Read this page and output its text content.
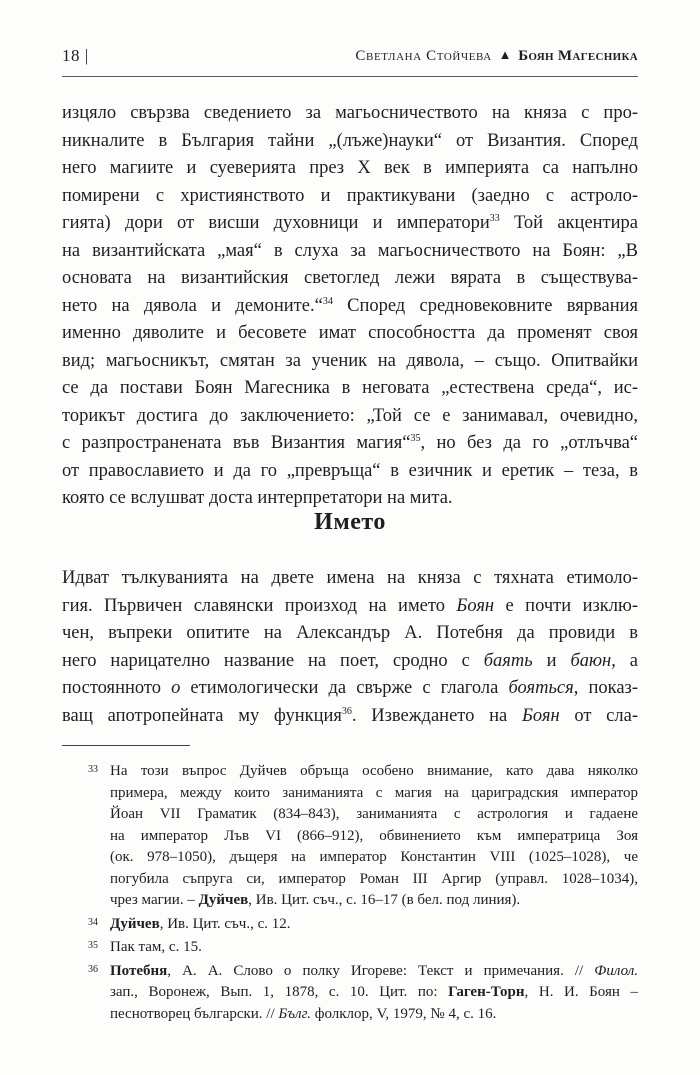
18 |	Светлана Стойчева ▲ Боян Магесника
изцяло свързва сведението за магьосничеството на княза с про-
никналите в България тайни „(лъже)науки“ от Византия. Според
него магиите и суеверията през Х век в империята са напълно
помирени с християнството и практикувани (заедно с астроло-
гията) дори от висши духовници и императори$^{33}$ Той акцентира
на византийската „мая“ в слуха за магьосничеството на Боян: „В
основата на византийския светоглед лежи вярата в съществува-
нето на дявола и демоните.“$^{34}$ Според средновековните вярвания
именно дяволите и бесовете имат способността да променят своя
вид; магьосникът, смятан за ученик на дявола, – също. Опитвайки
се да постави Боян Магесника в неговата „естествена среда“, ис-
торикът достига до заключението: „Той се е занимавал, очевидно,
с разпространената във Византия магия“$^{35}$, но без да го „отлъчва“
от православието и да го „превръща“ в езичник и еретик – теза, в
която се вслушват доста интерпретатори на мита.
Името
Идват тълкуванията на двете имена на княза с тяхната етимоло-
гия. Първичен славянски произход на името Боян е почти изклю-
чен, въпреки опитите на Александър А. Потебня да провиди в
него нарицателно название на поет, сродно с баять и баюн, а
постоянното о етимологически да свърже с глагола бояться, показ-
ващ апотропейната му функция$^{36}$. Извеждането на Боян от сла-
33 На този въпрос Дуйчев обръща особено внимание, като дава няколко
примера, между които заниманията с магия на цариградския император
Йоан VII Граматик (834–843), заниманията с астрология и гадаене
на император Лъв VI (866–912), обвинението към императрица Зоя
(ок. 978–1050), дъщеря на император Константин VIII (1025–1028), че
погубила съпруга си, император Роман III Аргир (управл. 1028–1034),
чрез магии. – Дуйчев, Ив. Цит. съч., с. 16–17 (в бел. под линия).
34 Дуйчев, Ив. Цит. съч., с. 12.
35 Пак там, с. 15.
36 Потебня, А. А. Слово о полку Игореве: Текст и примечания. // Филол.
зап., Воронеж, Вып. 1, 1878, с. 10. Цит. по: Гаген-Торн, Н. И. Боян –
песнотворец български. // Бълг. фолклор, V, 1979, № 4, с. 16.
